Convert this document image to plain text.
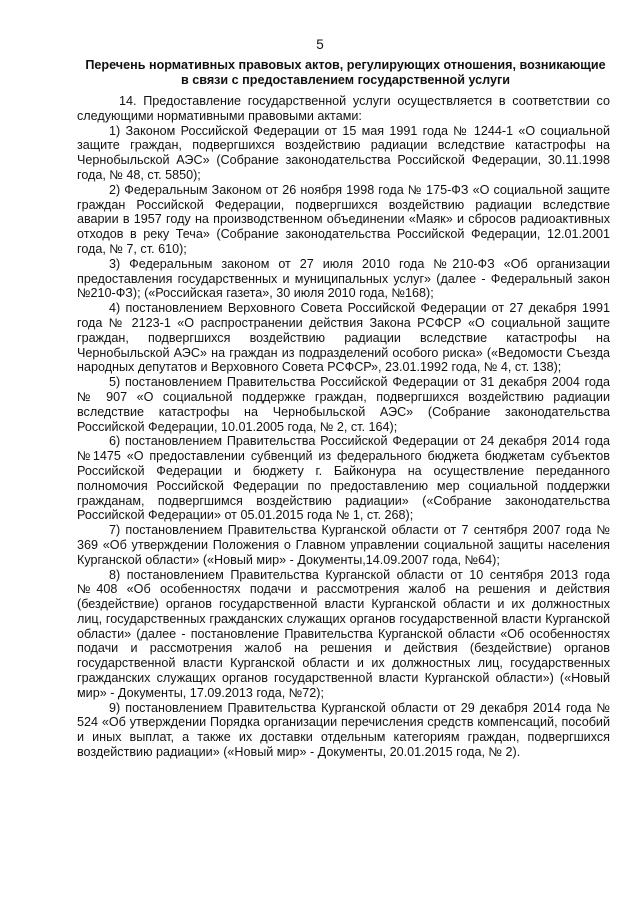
5
Перечень нормативных правовых актов, регулирующих отношения, возникающие
в связи с предоставлением государственной услуги

14. Предоставление государственной услуги осуществляется в соответствии со следующими нормативными правовыми актами:

1) Законом Российской Федерации от 15 мая 1991 года № 1244-1 «О социальной защите граждан, подвергшихся воздействию радиации вследствие катастрофы на Чернобыльской АЭС» (Собрание законодательства Российской Федерации, 30.11.1998 года, № 48, ст. 5850);

2) Федеральным Законом от 26 ноября 1998 года № 175-ФЗ «О социальной защите граждан Российской Федерации, подвергшихся воздействию радиации вследствие аварии в 1957 году на производственном объединении «Маяк» и сбросов радиоактивных отходов в реку Теча» (Собрание законодательства Российской Федерации, 12.01.2001 года, № 7, ст. 610);

3) Федеральным законом от 27 июля 2010 года №210-ФЗ «Об организации предоставления государственных и муниципальных услуг» (далее - Федеральный закон №210-ФЗ); («Российская газета», 30 июля 2010 года, №168);

4) постановлением Верховного Совета Российской Федерации от 27 декабря 1991 года № 2123-1 «О распространении действия Закона РСФСР «О социальной защите граждан, подвергшихся воздействию радиации вследствие катастрофы на Чернобыльской АЭС» на граждан из подразделений особого риска» («Ведомости Съезда народных депутатов и Верховного Совета РСФСР», 23.01.1992 года, № 4, ст. 138);

5) постановлением Правительства Российской Федерации от 31 декабря 2004 года № 907 «О социальной поддержке граждан, подвергшихся воздействию радиации вследствие катастрофы на Чернобыльской АЭС» (Собрание законодательства Российской Федерации, 10.01.2005 года, № 2, ст. 164);

6) постановлением Правительства Российской Федерации от 24 декабря 2014 года №1475 «О предоставлении субвенций из федерального бюджета бюджетам субъектов Российской Федерации и бюджету г. Байконура на осуществление переданного полномочия Российской Федерации по предоставлению мер социальной поддержки гражданам, подвергшимся воздействию радиации» («Собрание законодательства Российской Федерации» от 05.01.2015 года № 1, ст. 268);

7) постановлением Правительства Курганской области от 7 сентября 2007 года № 369 «Об утверждении Положения о Главном управлении социальной защиты населения Курганской области» («Новый мир» - Документы,14.09.2007 года, №64);

8) постановлением Правительства Курганской области от 10 сентября 2013 года №408 «Об особенностях подачи и рассмотрения жалоб на решения и действия (бездействие) органов государственной власти Курганской области и их должностных лиц, государственных гражданских служащих органов государственной власти Курганской области» (далее - постановление Правительства Курганской области «Об особенностях подачи и рассмотрения жалоб на решения и действия (бездействие) органов государственной власти Курганской области и их должностных лиц, государственных гражданских служащих органов государственной власти Курганской области») («Новый мир» - Документы, 17.09.2013 года, №72);

9) постановлением Правительства Курганской области от 29 декабря 2014 года № 524 «Об утверждении Порядка организации перечисления средств компенсаций, пособий и иных выплат, а также их доставки отдельным категориям граждан, подвергшихся воздействию радиации» («Новый мир» - Документы, 20.01.2015 года, № 2).
